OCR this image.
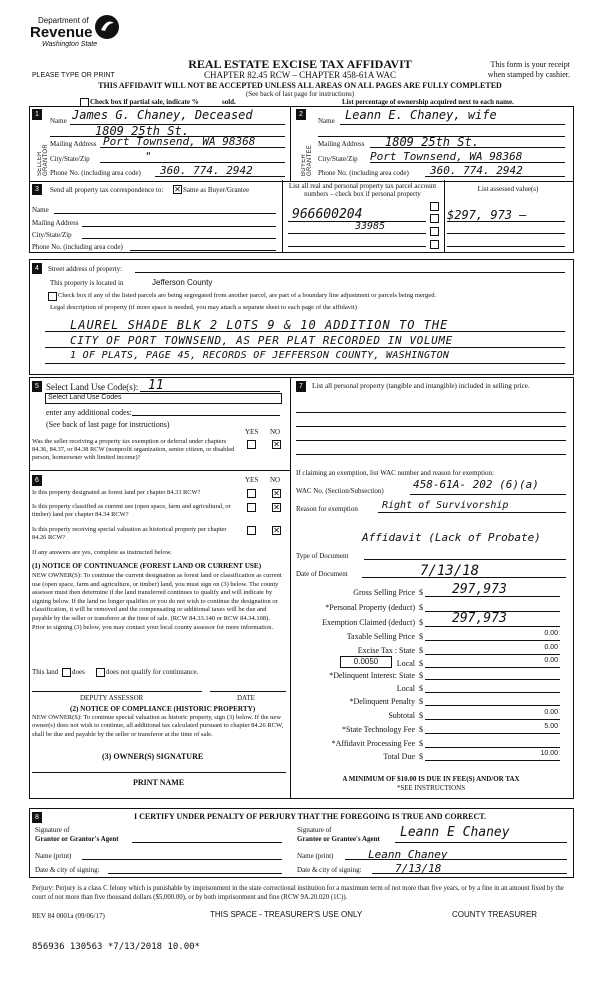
Department of
Revenue
Washington State
PLEASE TYPE OR PRINT
REAL ESTATE EXCISE TAX AFFIDAVIT
CHAPTER 82.45 RCW – CHAPTER 458-61A WAC
This form is your receipt
when stamped by cashier.
THIS AFFIDAVIT WILL NOT BE ACCEPTED UNLESS ALL AREAS ON ALL PAGES ARE FULLY COMPLETED
(See back of last page for instructions)
Check box if partial sale, indicate %	sold.	List percentage of ownership acquired next to each name.
1
SELLER GRANTOR
Name James G. Chaney, Deceased
1809 25th St.
Mailing Address Port Townsend, WA 98368
City/State/Zip	"
Phone No. (including area code) 360. 774. 2942
2
BUYER GRANTEE
Name Leann E. Chaney, wife
Mailing Address 1809 25th St.
City/State/Zip Port Townsend, WA 98368
Phone No. (including area code) 360. 774. 2942
3	Send all property tax correspondence to: ✕ Same as Buyer/Grantee
Name
Mailing Address
City/State/Zip
Phone No. (including area code)
List all real and personal property tax parcel account numbers – check box if personal property
List assessed value(s)
966600204
33985
$297, 973 –
4	Street address of property:
This property is located in	Jefferson County
Check box if any of the listed parcels are being segregated from another parcel, are part of a boundary line adjustment or parcels being merged.
Legal description of property (if more space is needed, you may attach a separate sheet to each page of the affidavit)
LAUREL SHADE BLK 2 LOTS 9 & 10 ADDITION TO THE
CITY OF PORT TOWNSEND, AS PER PLAT RECORDED IN VOLUME
1 OF PLATS, PAGE 45, RECORDS OF JEFFERSON COUNTY, WASHINGTON
5 Select Land Use Code(s): 11
Select Land Use Codes
enter any additional codes:
(See back of last page for instructions)
YES NO
Was the seller receiving a property tax exemption or deferral under chapters 84.36, 84.37, or 84.38 RCW (nonprofit organization, senior citizen, or disabled person, homeowner with limited income)?
✕
6	YES NO
Is this property designated as forest land per chapter 84.33 RCW?	✕
Is this property classified as current use (open space, farm and agricultural, or timber) land per chapter 84.34 RCW?
✕
Is this property receiving special valuation as historical property per chapter 84.26 RCW?
✕
If any answers are yes, complete as instructed below.
(1) NOTICE OF CONTINUANCE (FOREST LAND OR CURRENT USE)
NEW OWNER(S): To continue the current designation as forest land or classification as current use (open space, farm and agriculture, or timber) land, you must sign on (3) below. The county assessor must then determine if the land transferred continues to qualify and will indicate by signing below. If the land no longer qualifies or you do not wish to continue the designation or classification, it will be removed and the compensating or additional taxes will be due and payable by the seller or transferor at the time of sale. (RCW 84.33.140 or RCW 84.34.108). Prior to signing (3) below, you may contact your local county assessor for more information.
This land does	does not qualify for continuance.
DEPUTY ASSESSOR	DATE
(2) NOTICE OF COMPLIANCE (HISTORIC PROPERTY)
NEW OWNER(S): To continue special valuation as historic property, sign (3) below. If the new owner(s) does not wish to continue, all additional tax calculated pursuant to chapter 84.26 RCW, shall be due and payable by the seller or transferor at the time of sale.
(3) OWNER(S) SIGNATURE
PRINT NAME
7	List all personal property (tangible and intangible) included in selling price.
If claiming an exemption, list WAC number and reason for exemption:
WAC No. (Section/Subsection)	458-61A- 202 (6)(a)
Reason for exemption Right of Survivorship
Affidavit (Lack of Probate)
Type of Document
Date of Document	7/13/18
Gross Selling Price $ 297,973
*Personal Property (deduct) $
Exemption Claimed (deduct) $ 297,973
Taxable Selling Price $	0.00
Excise Tax : State $	0.00
0.0050	Local $	0.00
*Delinquent Interest: State $
Local $
*Delinquent Penalty $
Subtotal $	0.00
*State Technology Fee $	5.00
*Affidavit Processing Fee $
Total Due $	10.00
A MINIMUM OF $10.00 IS DUE IN FEE(S) AND/OR TAX
*SEE INSTRUCTIONS
8	I CERTIFY UNDER PENALTY OF PERJURY THAT THE FOREGOING IS TRUE AND CORRECT.
Signature of
Grantor or Grantor's Agent
Name (print)
Date & city of signing:
Signature of
Grantee or Grantee's Agent Leann E Chaney
Name (print)	Leann Chaney
Date & city of signing:	7/13/18
Perjury: Perjury is a class C felony which is punishable by imprisonment in the state correctional institution for a maximum term of not more than five years, or by a fine in an amount fixed by the court of not more than five thousand dollars ($5,000.00), or by both imprisonment and fine (RCW 9A.20.020 (1C)).
REV 84 0001a (09/06/17)	THIS SPACE - TREASURER'S USE ONLY	COUNTY TREASURER
856936 130563 *7/13/2018 10.00*
